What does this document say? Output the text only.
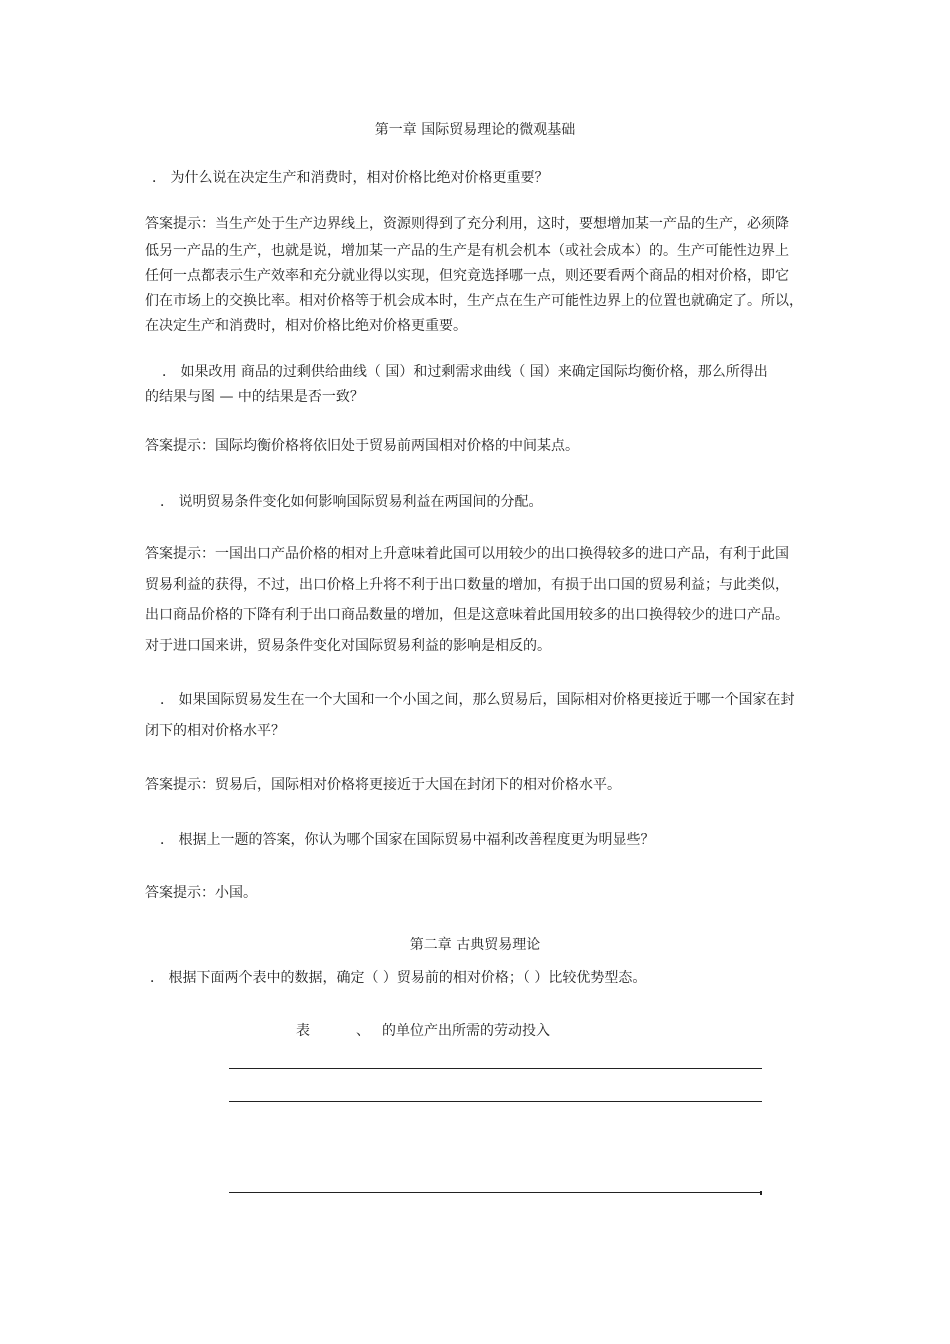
第一章 国际贸易理论的微观基础
． 为什么说在决定生产和消费时，相对价格比绝对价格更重要？
答案提示：当生产处于生产边界线上，资源则得到了充分利用，这时，要想增加某一产品的生产，必须降
低另一产品的生产，也就是说，增加某一产品的生产是有机会机本（或社会成本）的。生产可能性边界上
任何一点都表示生产效率和充分就业得以实现，但究竟选择哪一点，则还要看两个商品的相对价格，即它
们在市场上的交换比率。相对价格等于机会成本时，生产点在生产可能性边界上的位置也就确定了。所以，
在决定生产和消费时，相对价格比绝对价格更重要。
． 如果改用 商品的过剩供给曲线（ 国）和过剩需求曲线（ 国）来确定国际均衡价格，那么所得出
的结果与图 — 中的结果是否一致？
答案提示：国际均衡价格将依旧处于贸易前两国相对价格的中间某点。
． 说明贸易条件变化如何影响国际贸易利益在两国间的分配。
答案提示：一国出口产品价格的相对上升意味着此国可以用较少的出口换得较多的进口产品，有利于此国
贸易利益的获得，不过，出口价格上升将不利于出口数量的增加，有损于出口国的贸易利益；与此类似，
出口商品价格的下降有利于出口商品数量的增加，但是这意味着此国用较多的出口换得较少的进口产品。
对于进口国来讲，贸易条件变化对国际贸易利益的影响是相反的。
． 如果国际贸易发生在一个大国和一个小国之间，那么贸易后，国际相对价格更接近于哪一个国家在封
闭下的相对价格水平？
答案提示：贸易后，国际相对价格将更接近于大国在封闭下的相对价格水平。
． 根据上一题的答案，你认为哪个国家在国际贸易中福利改善程度更为明显些？
答案提示：小国。
第二章 古典贸易理论
． 根据下面两个表中的数据，确定（ ）贸易前的相对价格；（ ）比较优势型态。
表	、 的单位产出所需的劳动投入
